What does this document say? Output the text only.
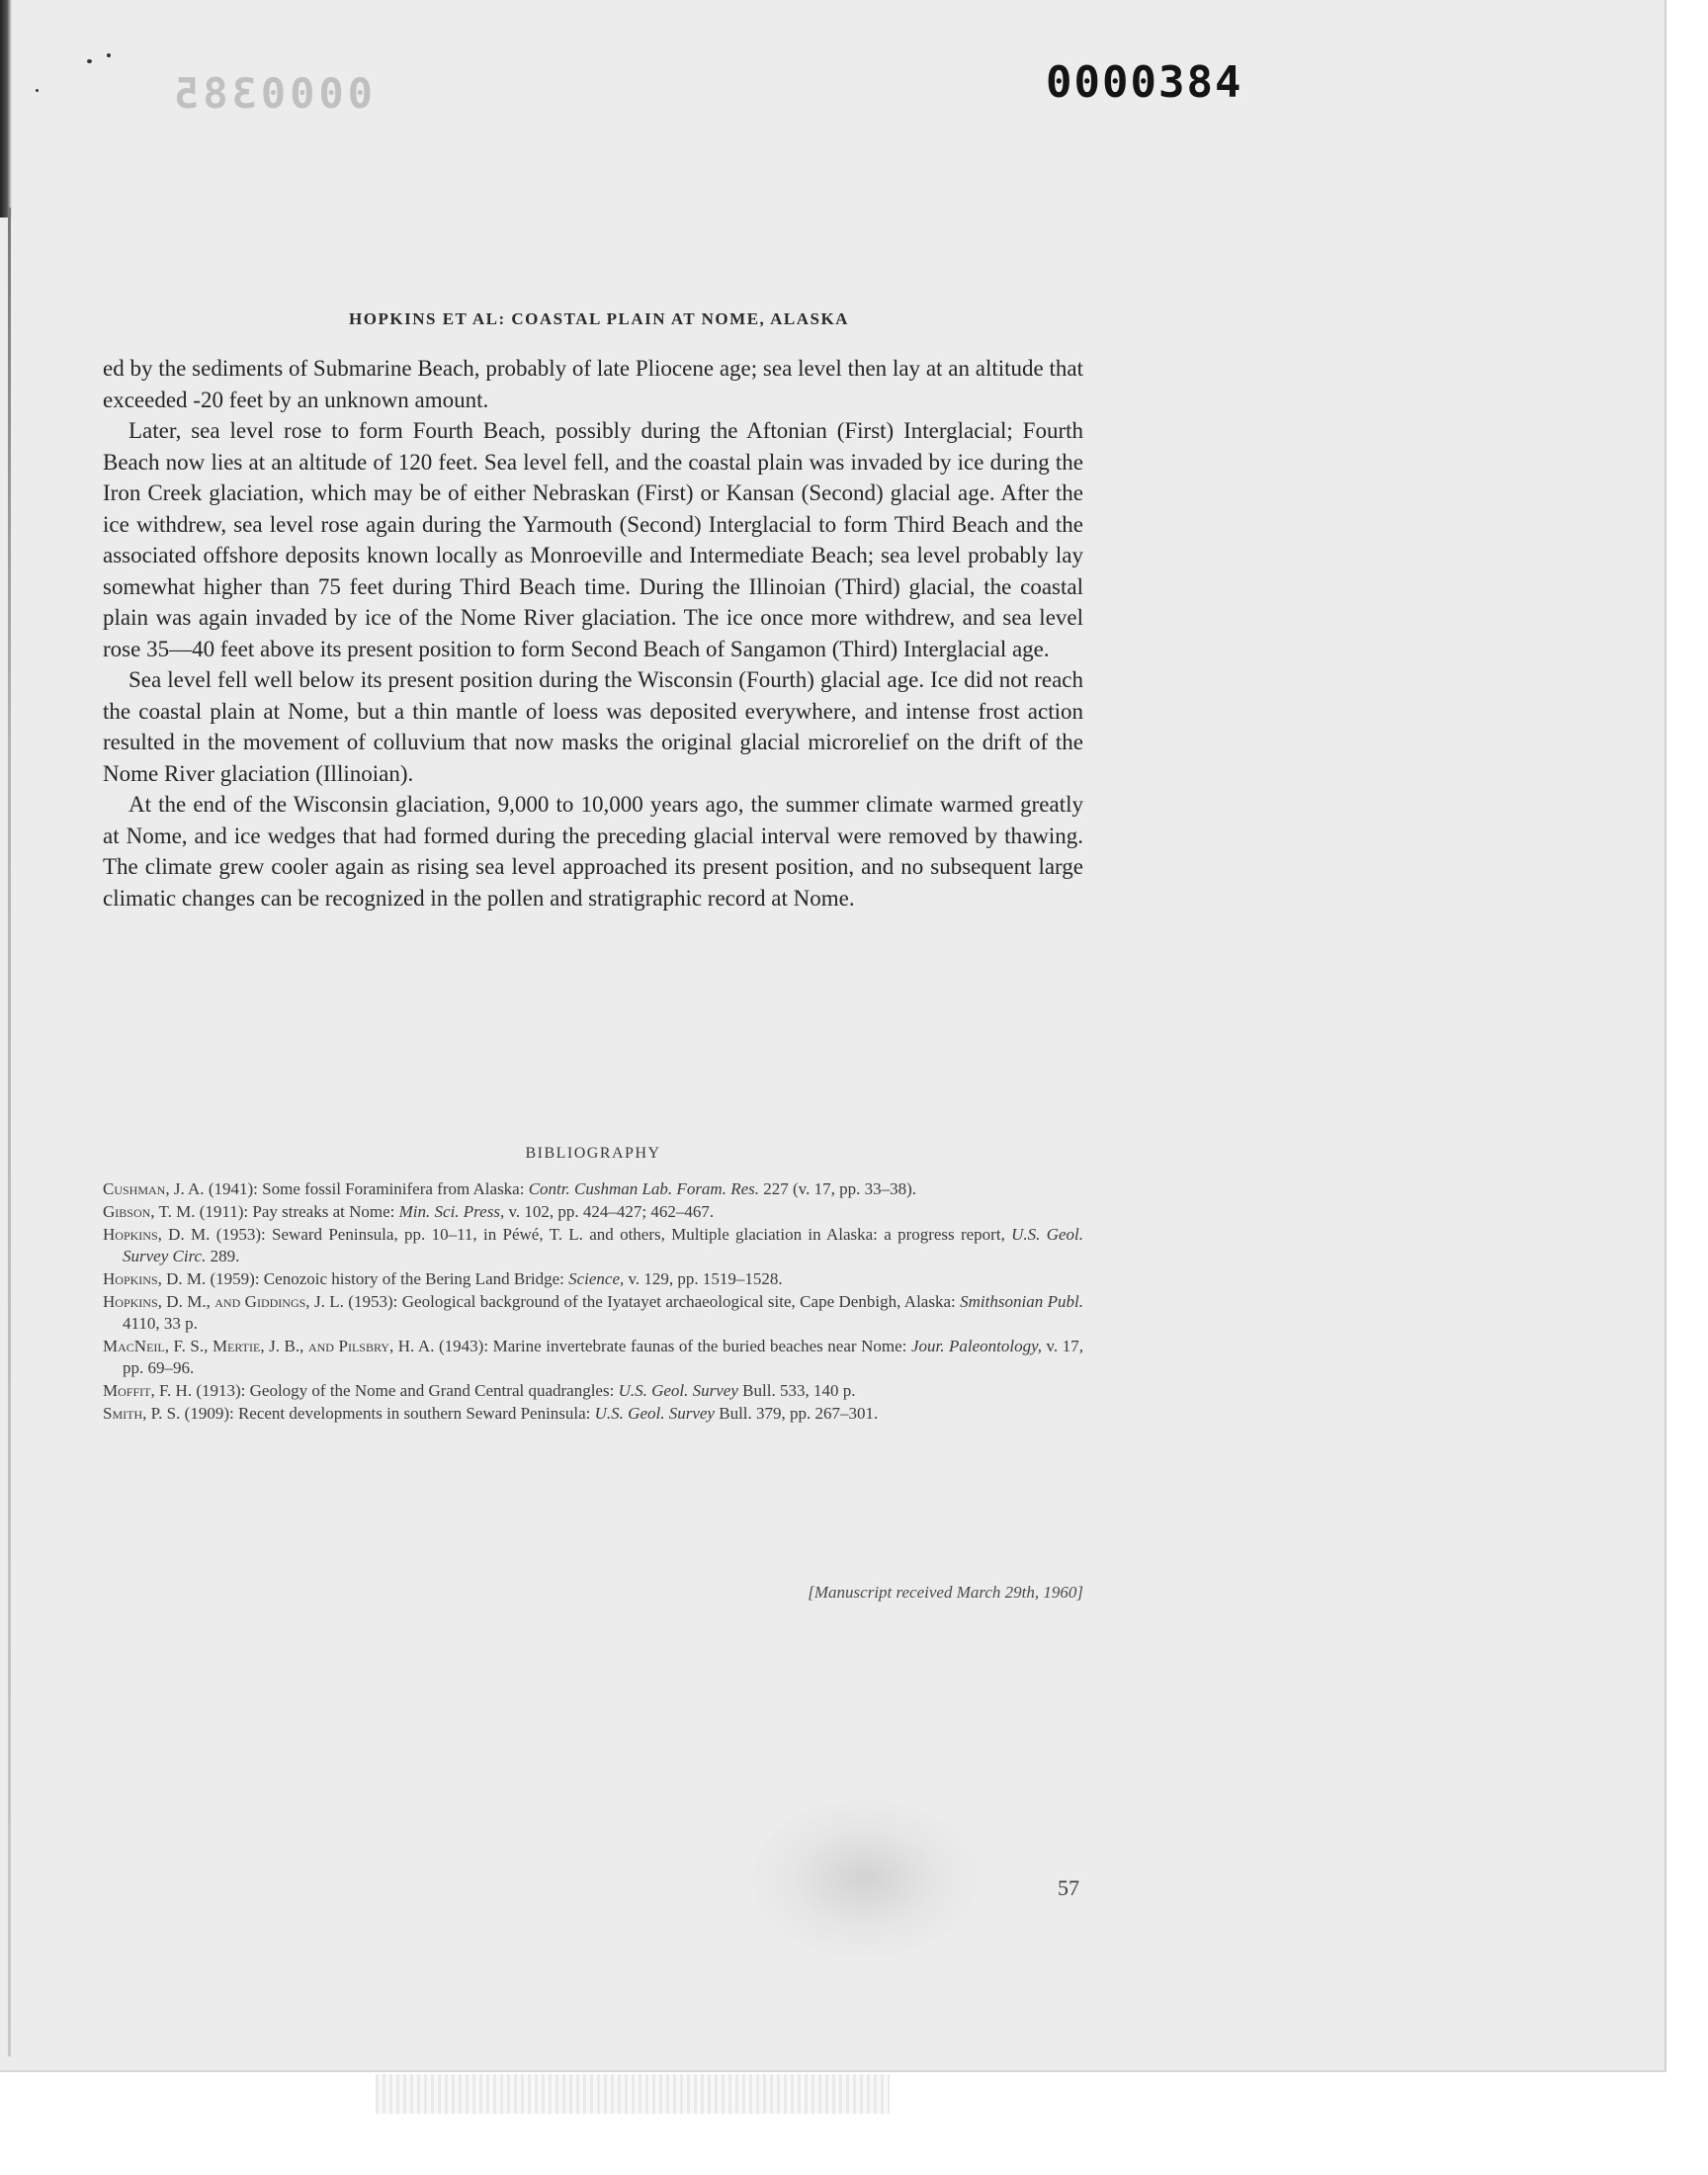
0000385	0000384
HOPKINS ET AL: COASTAL PLAIN AT NOME, ALASKA

ed by the sediments of Submarine Beach, probably of late Pliocene age; sea level then lay at an altitude that exceeded -20 feet by an unknown amount.

Later, sea level rose to form Fourth Beach, possibly during the Aftonian (First) Interglacial; Fourth Beach now lies at an altitude of 120 feet. Sea level fell, and the coastal plain was invaded by ice during the Iron Creek glaciation, which may be of either Nebraskan (First) or Kansan (Second) glacial age. After the ice withdrew, sea level rose again during the Yarmouth (Second) Interglacial to form Third Beach and the associated offshore deposits known locally as Monroeville and Intermediate Beach; sea level probably lay somewhat higher than 75 feet during Third Beach time. During the Illinoian (Third) glacial, the coastal plain was again invaded by ice of the Nome River glaciation. The ice once more withdrew, and sea level rose 35—40 feet above its present position to form Second Beach of Sangamon (Third) Interglacial age.

Sea level fell well below its present position during the Wisconsin (Fourth) glacial age. Ice did not reach the coastal plain at Nome, but a thin mantle of loess was deposited everywhere, and intense frost action resulted in the movement of colluvium that now masks the original glacial microrelief on the drift of the Nome River glaciation (Illinoian).

At the end of the Wisconsin glaciation, 9,000 to 10,000 years ago, the summer climate warmed greatly at Nome, and ice wedges that had formed during the preceding glacial interval were removed by thawing. The climate grew cooler again as rising sea level approached its present position, and no subsequent large climatic changes can be recognized in the pollen and stratigraphic record at Nome.

BIBLIOGRAPHY

Cushman, J. A. (1941): Some fossil Foraminifera from Alaska: Contr. Cushman Lab. Foram. Res. 227 (v. 17, pp. 33–38).

Gibson, T. M. (1911): Pay streaks at Nome: Min. Sci. Press, v. 102, pp. 424–427; 462–467.

Hopkins, D. M. (1953): Seward Peninsula, pp. 10–11, in Péwé, T. L. and others, Multiple glaciation in Alaska: a progress report, U.S. Geol. Survey Circ. 289.

Hopkins, D. M. (1959): Cenozoic history of the Bering Land Bridge: Science, v. 129, pp. 1519–1528.

Hopkins, D. M., and Giddings, J. L. (1953): Geological background of the Iyatayet archaeological site, Cape Denbigh, Alaska: Smithsonian Publ. 4110, 33 p.

MacNeil, F. S., Mertie, J. B., and Pilsbry, H. A. (1943): Marine invertebrate faunas of the buried beaches near Nome: Jour. Paleontology, v. 17, pp. 69–96.

Moffit, F. H. (1913): Geology of the Nome and Grand Central quadrangles: U.S. Geol. Survey Bull. 533, 140 p.

Smith, P. S. (1909): Recent developments in southern Seward Peninsula: U.S. Geol. Survey Bull. 379, pp. 267–301.

[Manuscript received March 29th, 1960]
57
